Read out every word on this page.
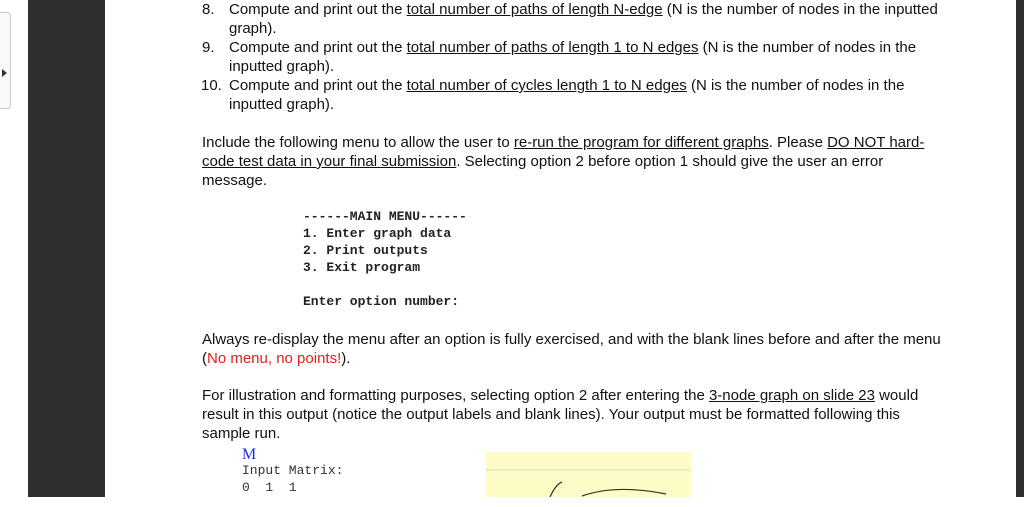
8. Compute and print out the total number of paths of length N-edge (N is the number of nodes in the inputted graph).
9. Compute and print out the total number of paths of length 1 to N edges (N is the number of nodes in the inputted graph).
10. Compute and print out the total number of cycles length 1 to N edges (N is the number of nodes in the inputted graph).

Include the following menu to allow the user to re-run the program for different graphs. Please DO NOT hard-code test data in your final submission. Selecting option 2 before option 1 should give the user an error message.

------MAIN MENU------
1. Enter graph data
2. Print outputs
3. Exit program

Enter option number:

Always re-display the menu after an option is fully exercised, and with the blank lines before and after the menu (No menu, no points!).

For illustration and formatting purposes, selecting option 2 after entering the 3-node graph on slide 23 would result in this output (notice the output labels and blank lines). Your output must be formatted following this sample run.

M
Input Matrix:
0  1  1
